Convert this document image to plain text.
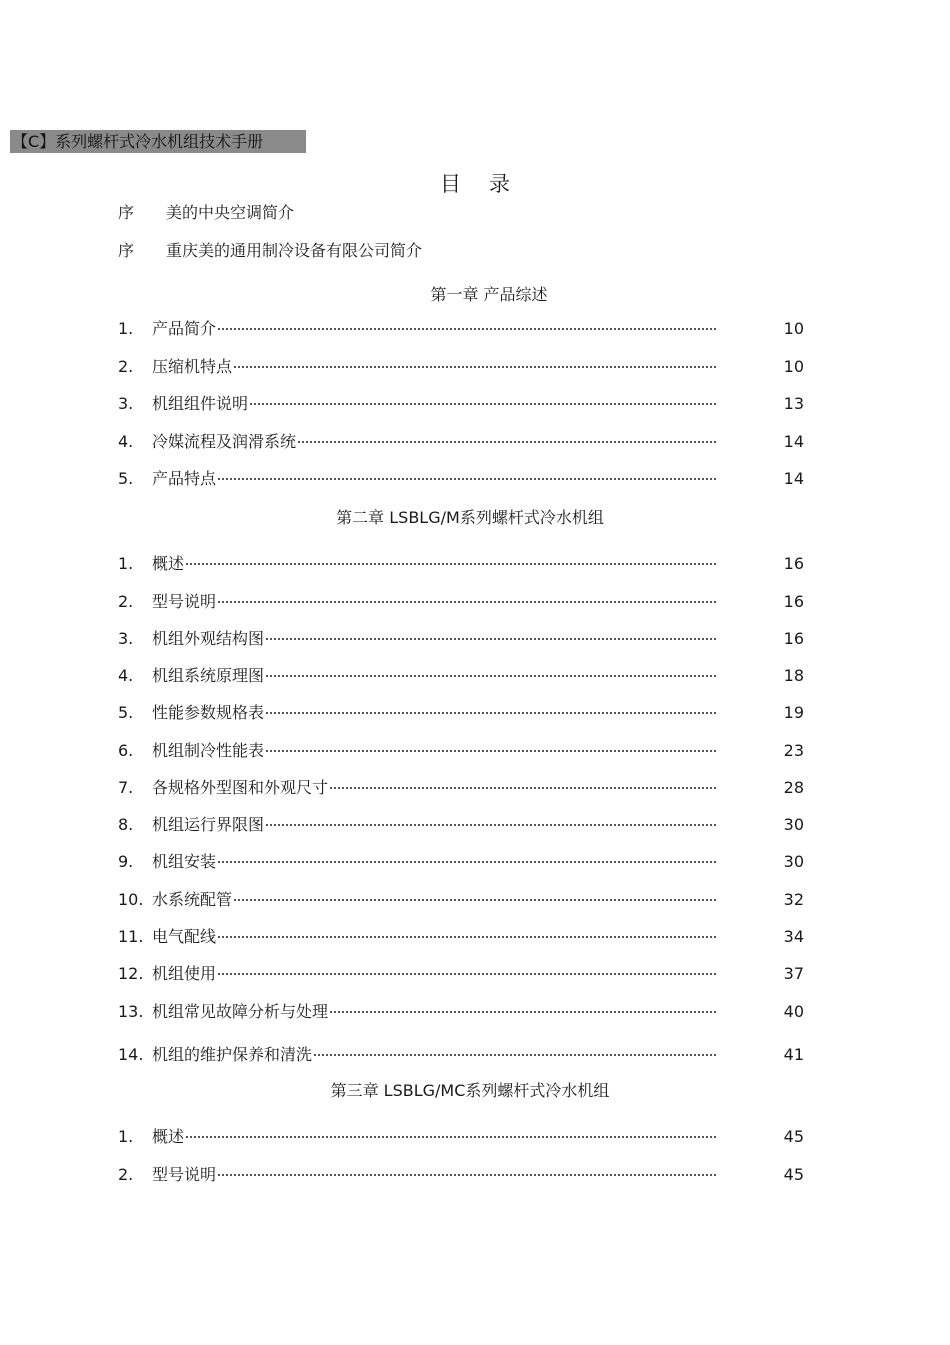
【C】系列螺杆式冷水机组技术手册
目录
序 美的中央空调简介
序 重庆美的通用制冷设备有限公司简介
第一章 产品综述
1.	产品简介	10
2.	压缩机特点	10
3.	机组组件说明	13
4.	冷媒流程及润滑系统	14
5.	产品特点	14
第二章 LSBLG/M系列螺杆式冷水机组
1.	概述	16
2.	型号说明	16
3.	机组外观结构图	16
4.	机组系统原理图	18
5.	性能参数规格表	19
6.	机组制冷性能表	23
7.	各规格外型图和外观尺寸	28
8.	机组运行界限图	30
9.	机组安装	30
10. 水系统配管	32
11. 电气配线	34
12. 机组使用	37
13. 机组常见故障分析与处理	40
14. 机组的维护保养和清洗	41
第三章 LSBLG/MC系列螺杆式冷水机组
1.	概述	45
2.	型号说明	45
